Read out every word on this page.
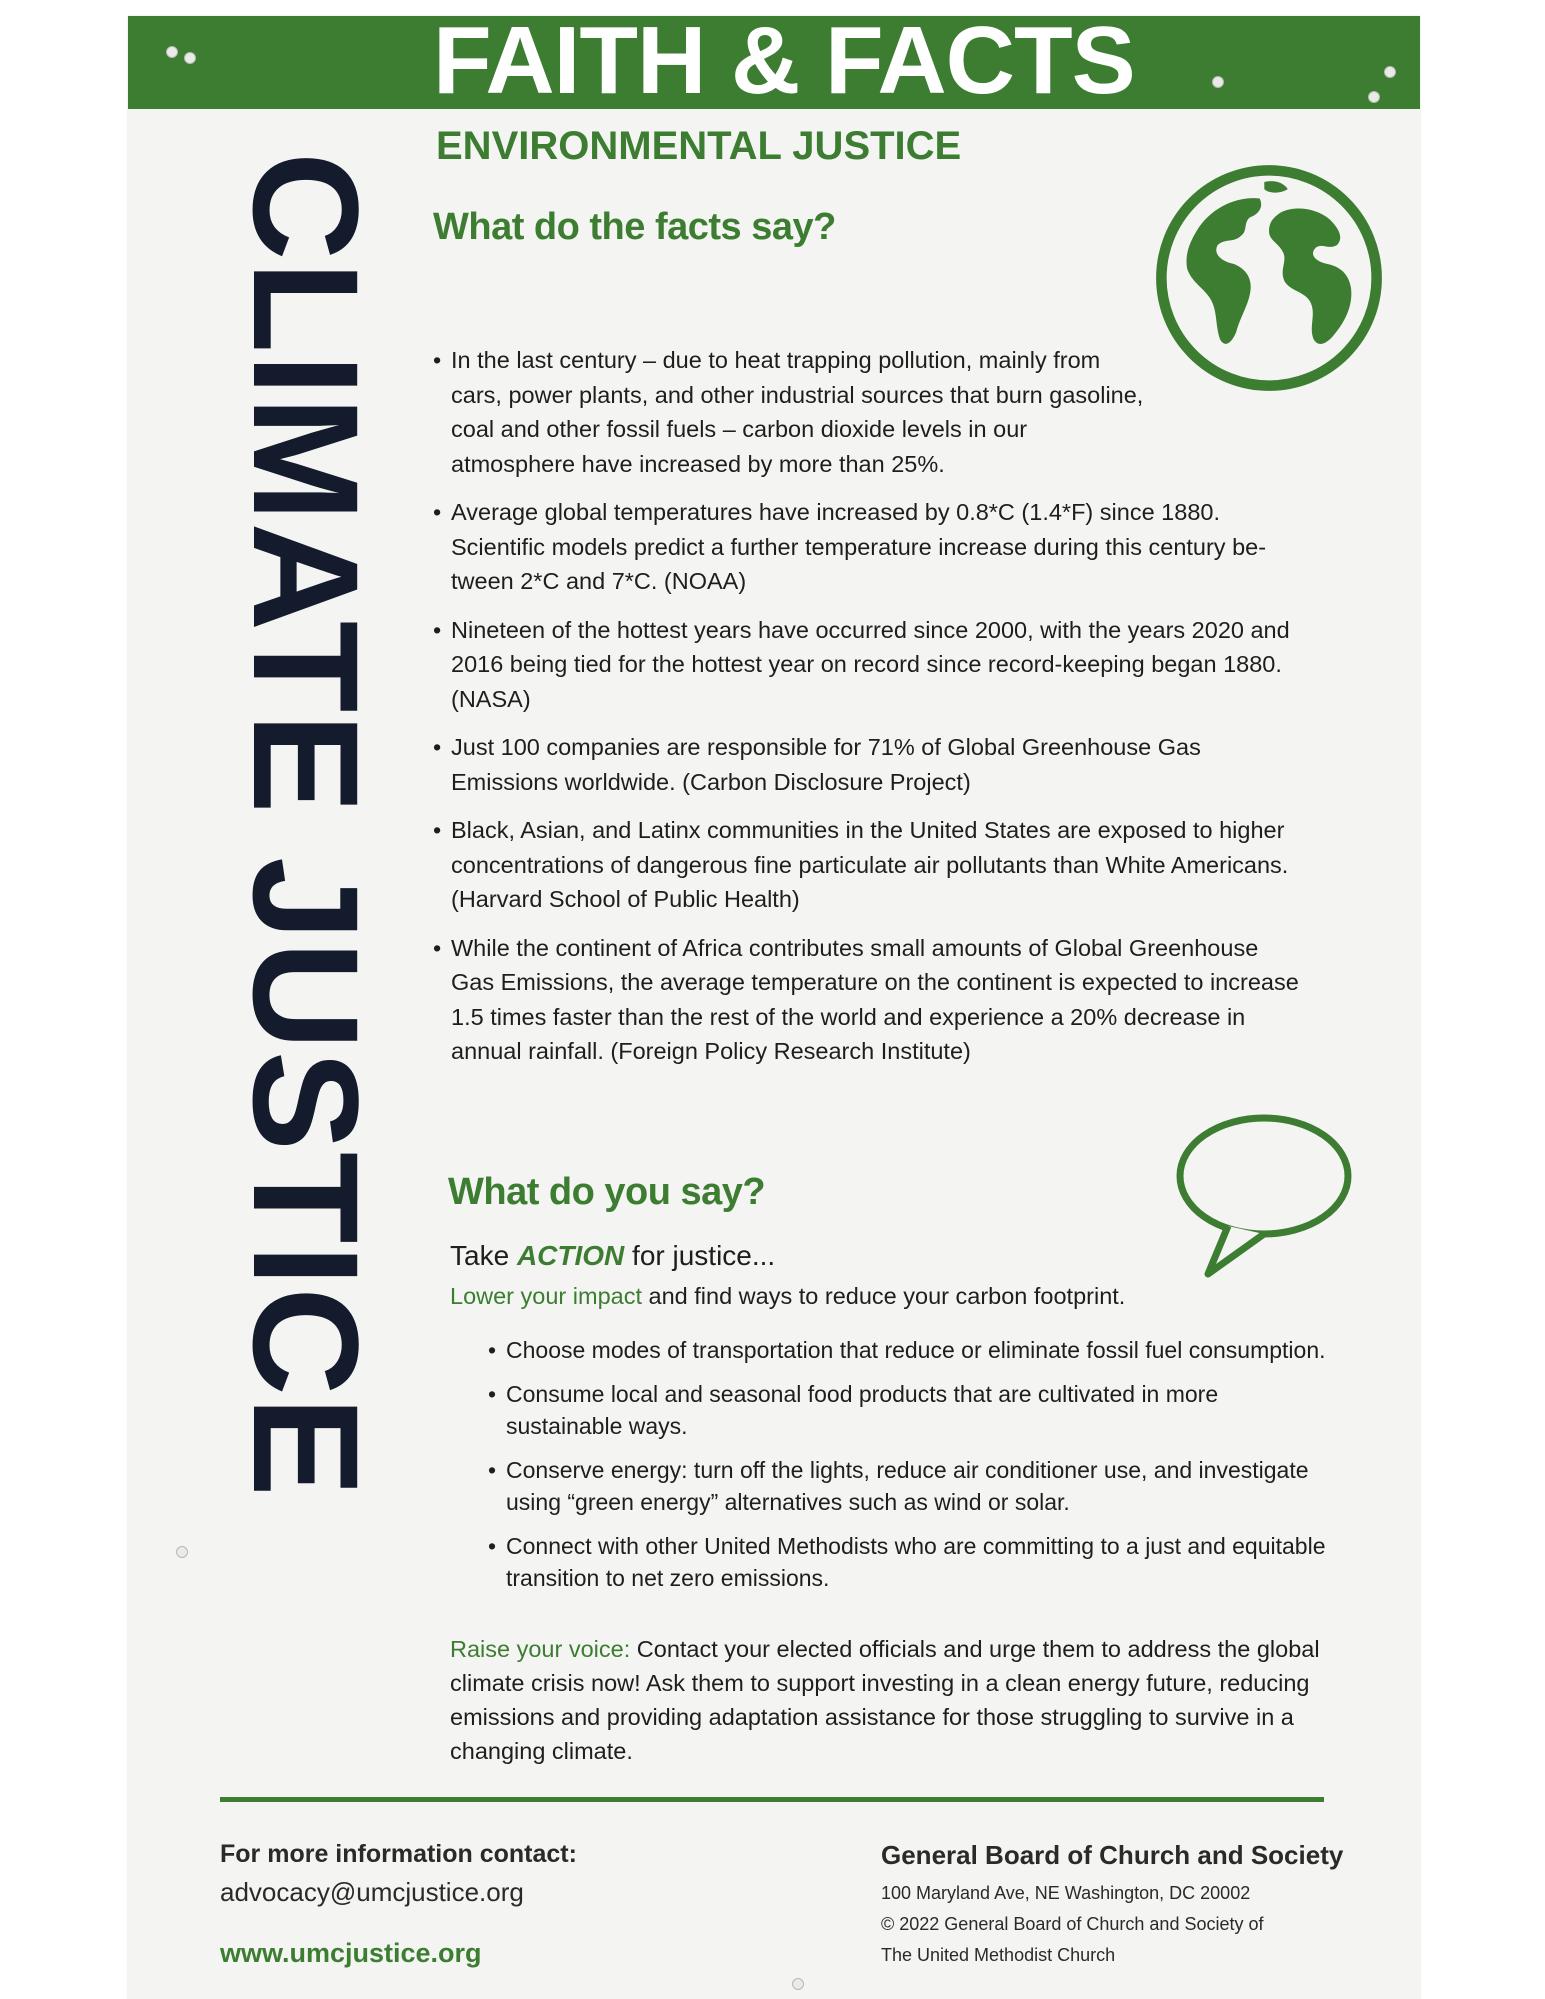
FAITH & FACTS
ENVIRONMENTAL JUSTICE
CLIMATE JUSTICE What do the facts say?
• In the last century – due to heat trapping pollution, mainly from cars, power plants, and other industrial sources that burn gasoline, coal and other fossil fuels – carbon dioxide levels in our atmosphere have increased by more than 25%.
• Average global temperatures have increased by 0.8*C (1.4*F) since 1880. Scientific models predict a further temperature increase during this century be-tween 2*C and 7*C. (NOAA)
• Nineteen of the hottest years have occurred since 2000, with the years 2020 and 2016 being tied for the hottest year on record since record-keeping began 1880. (NASA)
• Just 100 companies are responsible for 71% of Global Greenhouse Gas Emissions worldwide. (Carbon Disclosure Project)
• Black, Asian, and Latinx communities in the United States are exposed to higher concentrations of dangerous fine particulate air pollutants than White Americans. (Harvard School of Public Health)
• While the continent of Africa contributes small amounts of Global Greenhouse Gas Emissions, the average temperature on the continent is expected to increase 1.5 times faster than the rest of the world and experience a 20% decrease in annual rainfall. (Foreign Policy Research Institute)
What do you say?
Take ACTION for justice...
Lower your impact and find ways to reduce your carbon footprint.
• Choose modes of transportation that reduce or eliminate fossil fuel consumption.
• Consume local and seasonal food products that are cultivated in more sustainable ways.
• Conserve energy: turn off the lights, reduce air conditioner use, and investigate using “green energy” alternatives such as wind or solar.
• Connect with other United Methodists who are committing to a just and equitable transition to net zero emissions.
Raise your voice: Contact your elected officials and urge them to address the global climate crisis now! Ask them to support investing in a clean energy future, reducing emissions and providing adaptation assistance for those struggling to survive in a changing climate.
For more information contact:
advocacy@umcjustice.org
www.umcjustice.org
General Board of Church and Society
100 Maryland Ave, NE Washington, DC 20002
© 2022 General Board of Church and Society of
The United Methodist Church
